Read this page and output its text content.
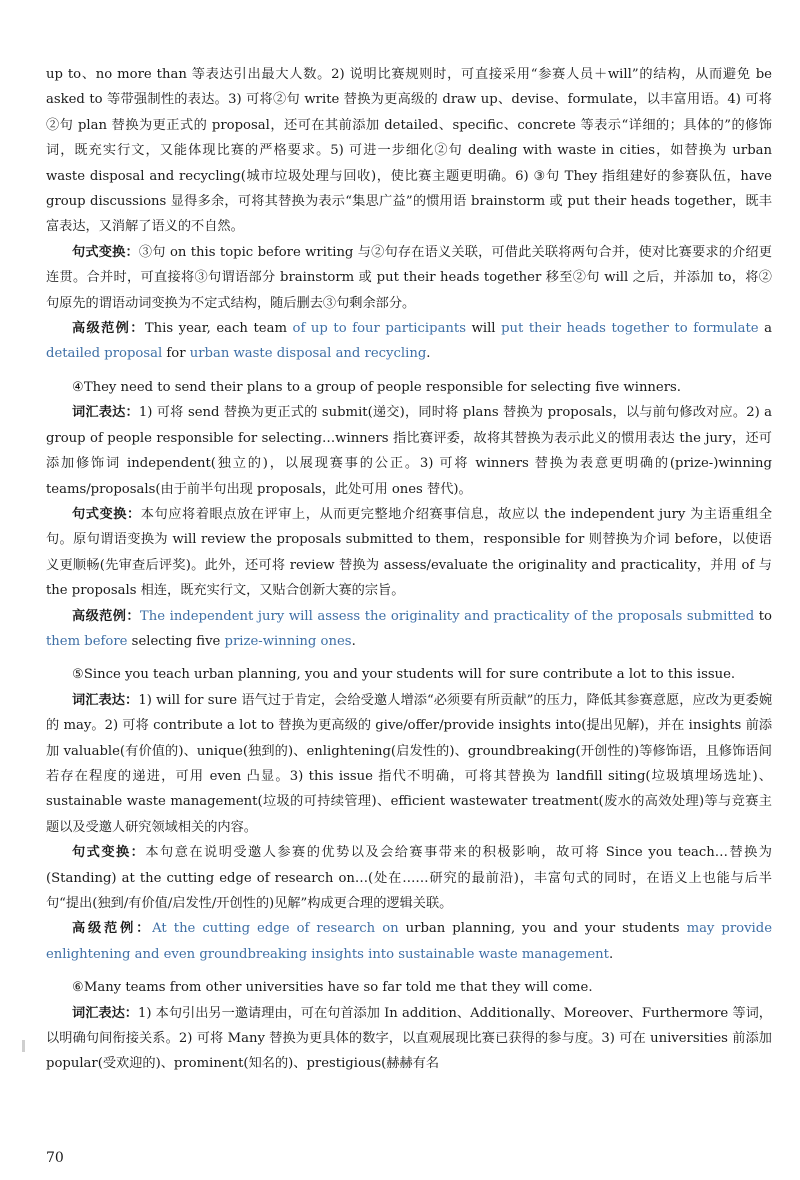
up to、no more than 等表达引出最大人数。2) 说明比赛规则时，可直接采用“参赛人员＋will”的结构，从而避免 be asked to 等带强制性的表达。3) 可将②句 write 替换为更高级的 draw up、devise、formulate，以丰富用语。4) 可将②句 plan 替换为更正式的 proposal，还可在其前添加 detailed、specific、concrete 等表示“详细的；具体的”的修饰词，既充实行文，又能体现比赛的严格要求。5) 可进一步细化②句 dealing with waste in cities，如替换为 urban waste disposal and recycling(城市垃圾处理与回收)，使比赛主题更明确。6) ③句 They 指组建好的参赛队伍，have group discussions 显得多余，可将其替换为表示“集思广益”的惯用语 brainstorm 或 put their heads together，既丰富表达，又消解了语义的不自然。

句式变换：③句 on this topic before writing 与②句存在语义关联，可借此关联将两句合并，使对比赛要求的介绍更连贯。合并时，可直接将③句谓语部分 brainstorm 或 put their heads together 移至②句 will 之后，并添加 to，将②句原先的谓语动词变换为不定式结构，随后删去③句剩余部分。

高级范例：This year, each team of up to four participants will put their heads together to formulate a detailed proposal for urban waste disposal and recycling.

④They need to send their plans to a group of people responsible for selecting five winners.

词汇表达：1) 可将 send 替换为更正式的 submit(递交)，同时将 plans 替换为 proposals，以与前句修改对应。2) a group of people responsible for selecting…winners 指比赛评委，故将其替换为表示此义的惯用表达 the jury，还可添加修饰词 independent(独立的)，以展现赛事的公正。3) 可将 winners 替换为表意更明确的(prize-)winning teams/proposals(由于前半句出现 proposals，此处可用 ones 替代)。

句式变换：本句应将着眼点放在评审上，从而更完整地介绍赛事信息，故应以 the independent jury 为主语重组全句。原句谓语变换为 will review the proposals submitted to them，responsible for 则替换为介词 before，以使语义更顺畅(先审查后评奖)。此外，还可将 review 替换为 assess/evaluate the originality and practicality，并用 of 与 the proposals 相连，既充实行文，又贴合创新大赛的宗旨。

高级范例：The independent jury will assess the originality and practicality of the proposals submitted to them before selecting five prize-winning ones.

⑤Since you teach urban planning, you and your students will for sure contribute a lot to this issue.

词汇表达：1) will for sure 语气过于肯定，会给受邀人增添“必须要有所贡献”的压力，降低其参赛意愿，应改为更委婉的 may。2) 可将 contribute a lot to 替换为更高级的 give/offer/provide insights into(提出见解)，并在 insights 前添加 valuable(有价值的)、unique(独到的)、enlightening(启发性的)、groundbreaking(开创性的)等修饰语，且修饰语间若存在程度的递进，可用 even 凸显。3) this issue 指代不明确，可将其替换为 landfill siting(垃圾填埋场选址)、sustainable waste management(垃圾的可持续管理)、efficient wastewater treatment(废水的高效处理)等与竞赛主题以及受邀人研究领域相关的内容。

句式变换：本句意在说明受邀人参赛的优势以及会给赛事带来的积极影响，故可将 Since you teach…替换为(Standing) at the cutting edge of research on…(处在……研究的最前沿)，丰富句式的同时，在语义上也能与后半句“提出(独到/有价值/启发性/开创性的)见解”构成更合理的逻辑关联。

高级范例：At the cutting edge of research on urban planning, you and your students may provide enlightening and even groundbreaking insights into sustainable waste management.

⑥Many teams from other universities have so far told me that they will come.

词汇表达：1) 本句引出另一邀请理由，可在句首添加 In addition、Additionally、Moreover、Furthermore 等词，以明确句间衔接关系。2) 可将 Many 替换为更具体的数字，以直观展现比赛已获得的参与度。3) 可在 universities 前添加 popular(受欢迎的)、prominent(知名的)、prestigious(赫赫有名

70
